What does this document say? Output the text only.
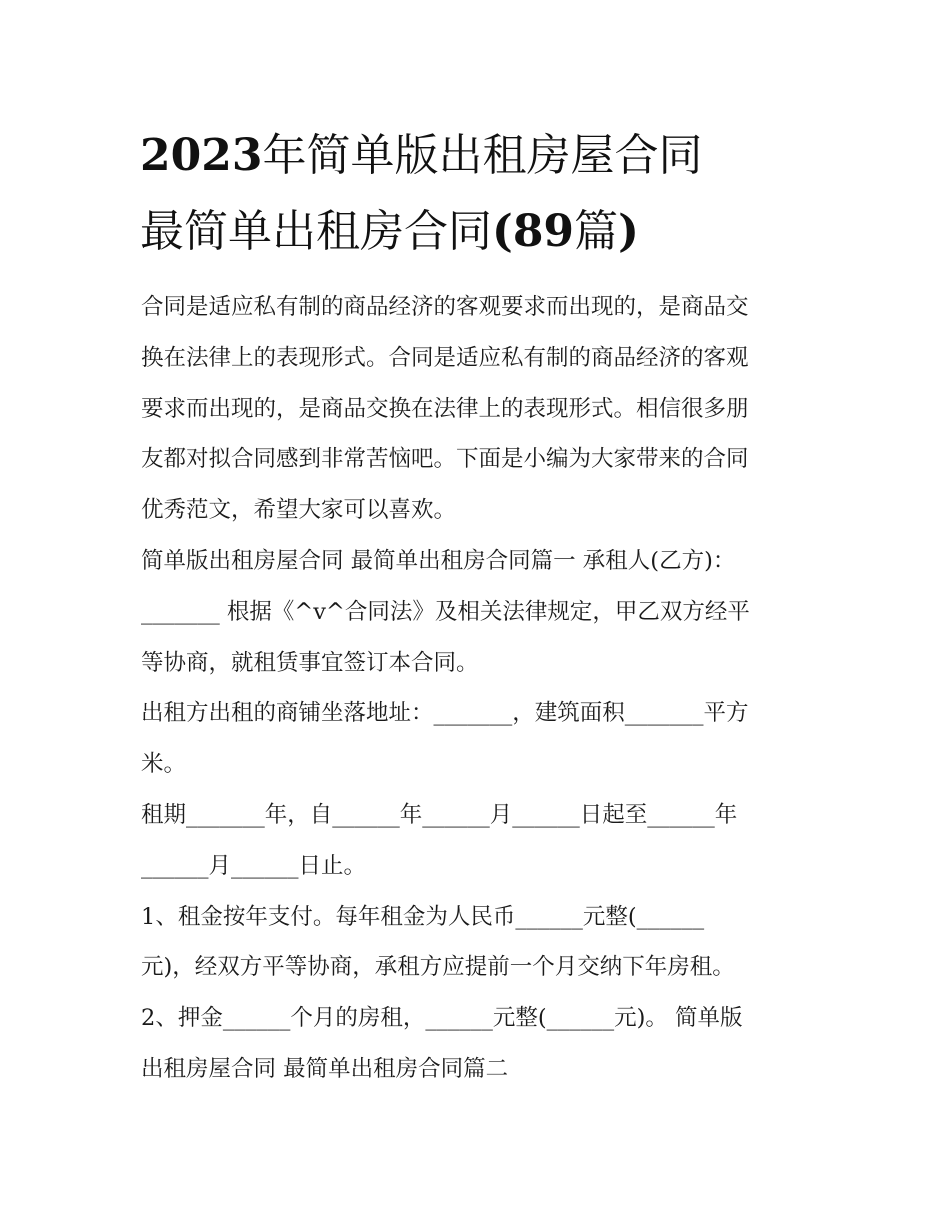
2023年简单版出租房屋合同
最简单出租房合同(89篇)
合同是适应私有制的商品经济的客观要求而出现的，是商品交
换在法律上的表现形式。合同是适应私有制的商品经济的客观
要求而出现的，是商品交换在法律上的表现形式。相信很多朋
友都对拟合同感到非常苦恼吧。下面是小编为大家带来的合同
优秀范文，希望大家可以喜欢。
简单版出租房屋合同 最简单出租房合同篇一 承租人(乙方)：
_______ 根据《^v^合同法》及相关法律规定，甲乙双方经平
等协商，就租赁事宜签订本合同。
出租方出租的商铺坐落地址：_______，建筑面积_______平方
米。
租期_______年，自______年______月______日起至______年
______月______日止。
1、租金按年支付。每年租金为人民币______元整(______
元)，经双方平等协商，承租方应提前一个月交纳下年房租。
2、押金______个月的房租，______元整(______元)。 简单版
出租房屋合同 最简单出租房合同篇二
